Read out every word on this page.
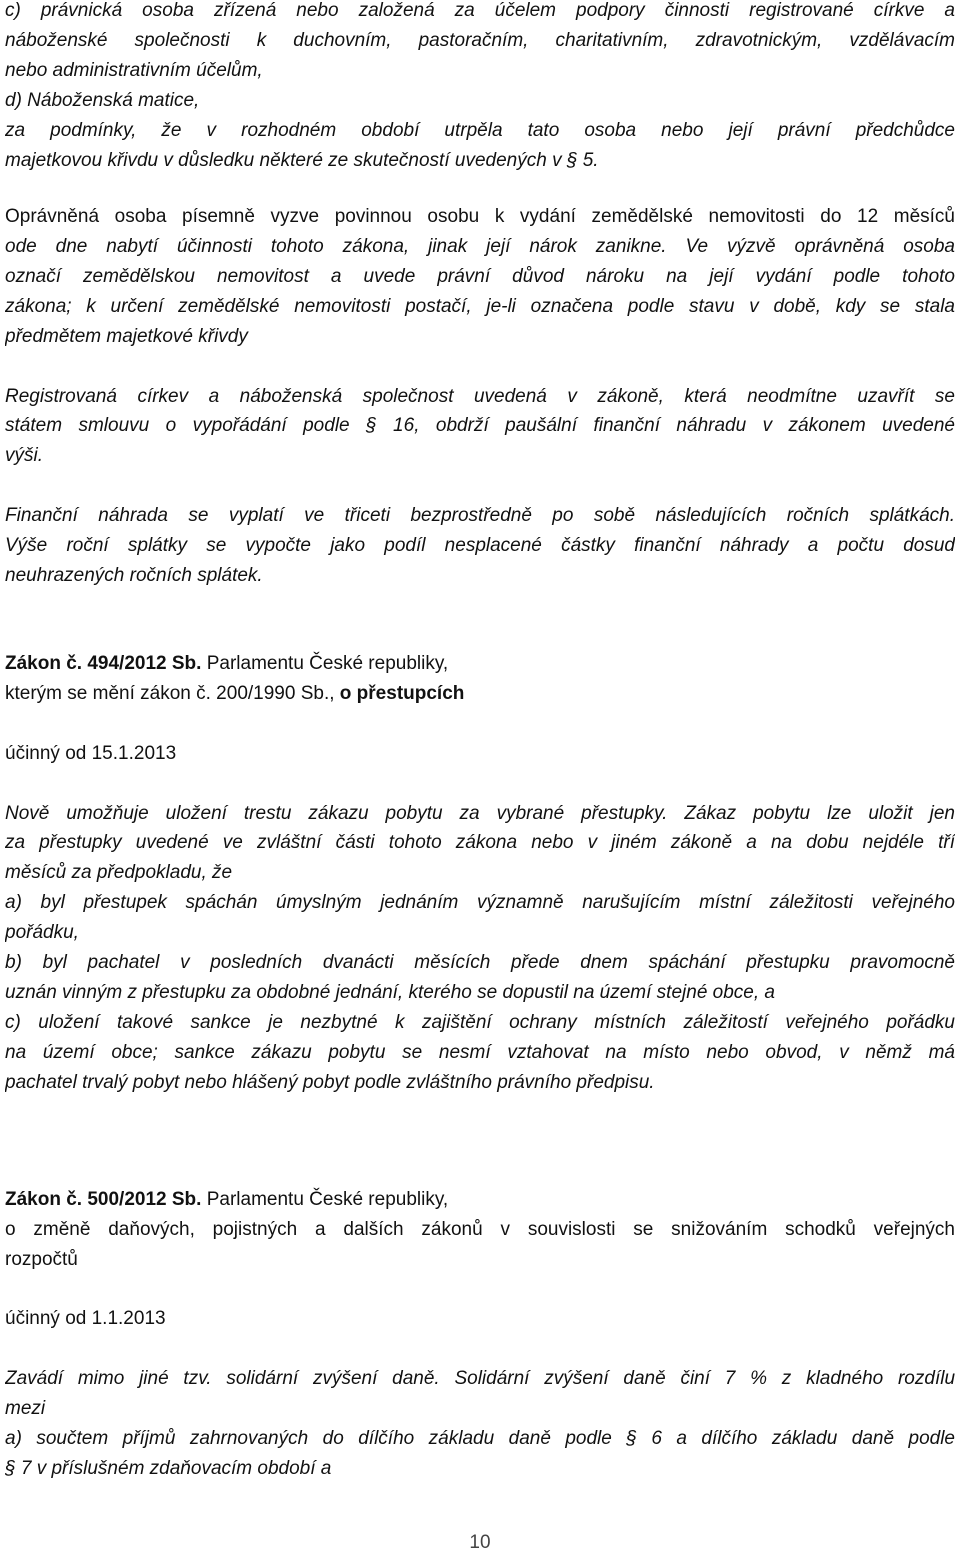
c) právnická osoba zřízená nebo založená za účelem podpory činnosti registrované církve a
náboženské společnosti k duchovním, pastoračním, charitativním, zdravotnickým, vzdělávacím
nebo administrativním účelům,
d) Náboženská matice,
za podmínky, že v rozhodném období utrpěla tato osoba nebo její právní předchůdce
majetkovou křivdu v důsledku některé ze skutečností uvedených v § 5.
Oprávněná osoba písemně vyzve povinnou osobu k vydání zemědělské nemovitosti do 12 měsíců
ode dne nabytí účinnosti tohoto zákona, jinak její nárok zanikne. Ve výzvě oprávněná osoba
označí zemědělskou nemovitost a uvede právní důvod nároku na její vydání podle tohoto
zákona; k určení zemědělské nemovitosti postačí, je-li označena podle stavu v době, kdy se stala
předmětem majetkové křivdy
Registrovaná církev a náboženská společnost uvedená v zákoně, která neodmítne uzavřít se
státem smlouvu o vypořádání podle § 16, obdrží paušální finanční náhradu v zákonem uvedené
výši.
Finanční náhrada se vyplatí ve třiceti bezprostředně po sobě následujících ročních splátkách.
Výše roční splátky se vypočte jako podíl nesplacené částky finanční náhrady a počtu dosud
neuhrazených ročních splátek.
Zákon č. 494/2012 Sb. Parlamentu České republiky,
kterým se mění zákon č. 200/1990 Sb., o přestupcích
účinný od 15.1.2013
Nově umožňuje uložení trestu zákazu pobytu za vybrané přestupky. Zákaz pobytu lze uložit jen
za přestupky uvedené ve zvláštní části tohoto zákona nebo v jiném zákoně a na dobu nejdéle tří
měsíců za předpokladu, že
a) byl přestupek spáchán úmyslným jednáním významně narušujícím místní záležitosti veřejného
pořádku,
b) byl pachatel v posledních dvanácti měsících přede dnem spáchání přestupku pravomocně
uznán vinným z přestupku za obdobné jednání, kterého se dopustil na území stejné obce, a
c) uložení takové sankce je nezbytné k zajištění ochrany místních záležitostí veřejného pořádku
na území obce; sankce zákazu pobytu se nesmí vztahovat na místo nebo obvod, v němž má
pachatel trvalý pobyt nebo hlášený pobyt podle zvláštního právního předpisu.
Zákon č. 500/2012 Sb. Parlamentu České republiky,
o změně daňových, pojistných a dalších zákonů v souvislosti se snižováním schodků veřejných
rozpočtů
účinný od 1.1.2013
Zavádí mimo jiné tzv. solidární zvýšení daně. Solidární zvýšení daně činí 7 % z kladného rozdílu
mezi
a) součtem příjmů zahrnovaných do dílčího základu daně podle § 6 a dílčího základu daně podle
§ 7 v příslušném zdaňovacím období a
10
